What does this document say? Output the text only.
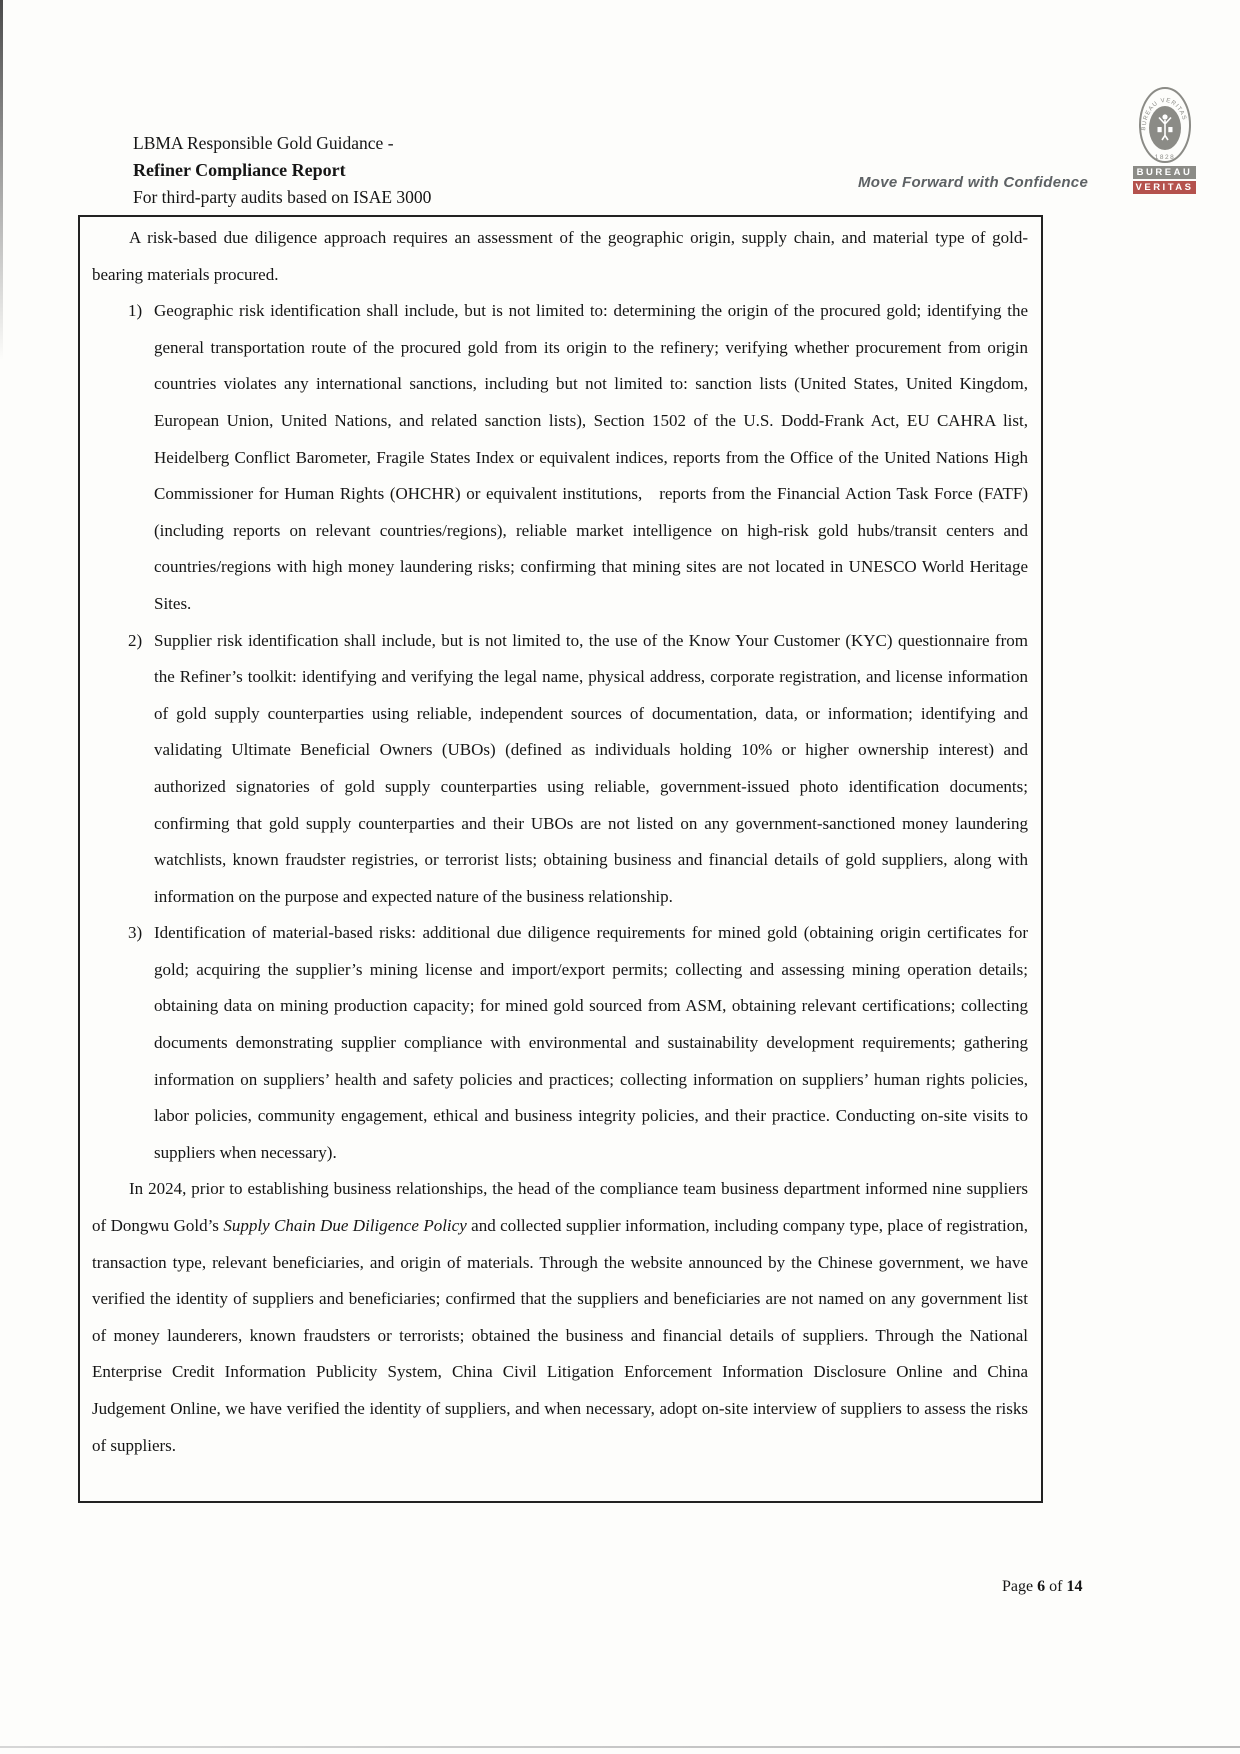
LBMA Responsible Gold Guidance -
Refiner Compliance Report
For third-party audits based on ISAE 3000
Move Forward with Confidence
BUREAU VERITAS
1828
BUREAU
VERITAS

A risk-based due diligence approach requires an assessment of the geographic origin, supply chain, and material type of gold-bearing materials procured.

1) Geographic risk identification shall include, but is not limited to: determining the origin of the procured gold; identifying the general transportation route of the procured gold from its origin to the refinery; verifying whether procurement from origin countries violates any international sanctions, including but not limited to: sanction lists (United States, United Kingdom, European Union, United Nations, and related sanction lists), Section 1502 of the U.S. Dodd-Frank Act, EU CAHRA list, Heidelberg Conflict Barometer, Fragile States Index or equivalent indices, reports from the Office of the United Nations High Commissioner for Human Rights (OHCHR) or equivalent institutions, reports from the Financial Action Task Force (FATF) (including reports on relevant countries/regions), reliable market intelligence on high-risk gold hubs/transit centers and countries/regions with high money laundering risks; confirming that mining sites are not located in UNESCO World Heritage Sites.
2) Supplier risk identification shall include, but is not limited to, the use of the Know Your Customer (KYC) questionnaire from the Refiner’s toolkit: identifying and verifying the legal name, physical address, corporate registration, and license information of gold supply counterparties using reliable, independent sources of documentation, data, or information; identifying and validating Ultimate Beneficial Owners (UBOs) (defined as individuals holding 10% or higher ownership interest) and authorized signatories of gold supply counterparties using reliable, government-issued photo identification documents; confirming that gold supply counterparties and their UBOs are not listed on any government-sanctioned money laundering watchlists, known fraudster registries, or terrorist lists; obtaining business and financial details of gold suppliers, along with information on the purpose and expected nature of the business relationship.
3) Identification of material-based risks: additional due diligence requirements for mined gold (obtaining origin certificates for gold; acquiring the supplier’s mining license and import/export permits; collecting and assessing mining operation details; obtaining data on mining production capacity; for mined gold sourced from ASM, obtaining relevant certifications; collecting documents demonstrating supplier compliance with environmental and sustainability development requirements; gathering information on suppliers’ health and safety policies and practices; collecting information on suppliers’ human rights policies, labor policies, community engagement, ethical and business integrity policies, and their practice. Conducting on-site visits to suppliers when necessary).

In 2024, prior to establishing business relationships, the head of the compliance team business department informed nine suppliers of Dongwu Gold’s Supply Chain Due Diligence Policy and collected supplier information, including company type, place of registration, transaction type, relevant beneficiaries, and origin of materials. Through the website announced by the Chinese government, we have verified the identity of suppliers and beneficiaries; confirmed that the suppliers and beneficiaries are not named on any government list of money launderers, known fraudsters or terrorists; obtained the business and financial details of suppliers. Through the National Enterprise Credit Information Publicity System, China Civil Litigation Enforcement Information Disclosure Online and China Judgement Online, we have verified the identity of suppliers, and when necessary, adopt on-site interview of suppliers to assess the risks of suppliers.

Page 6 of 14
